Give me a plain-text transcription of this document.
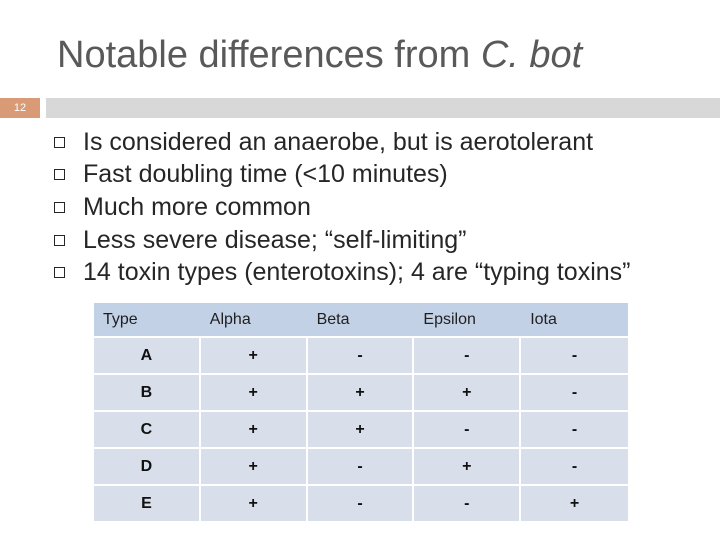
Notable differences from C. bot
12
Is considered an anaerobe, but is aerotolerant
Fast doubling time (<10 minutes)
Much more common
Less severe disease; “self-limiting”
14 toxin types (enterotoxins); 4 are “typing toxins”
Type	Alpha	Beta	Epsilon	Iota
A	+	-	-	-
B	+	+	+	-
C	+	+	-	-
D	+	-	+	-
E	+	-	-	+
